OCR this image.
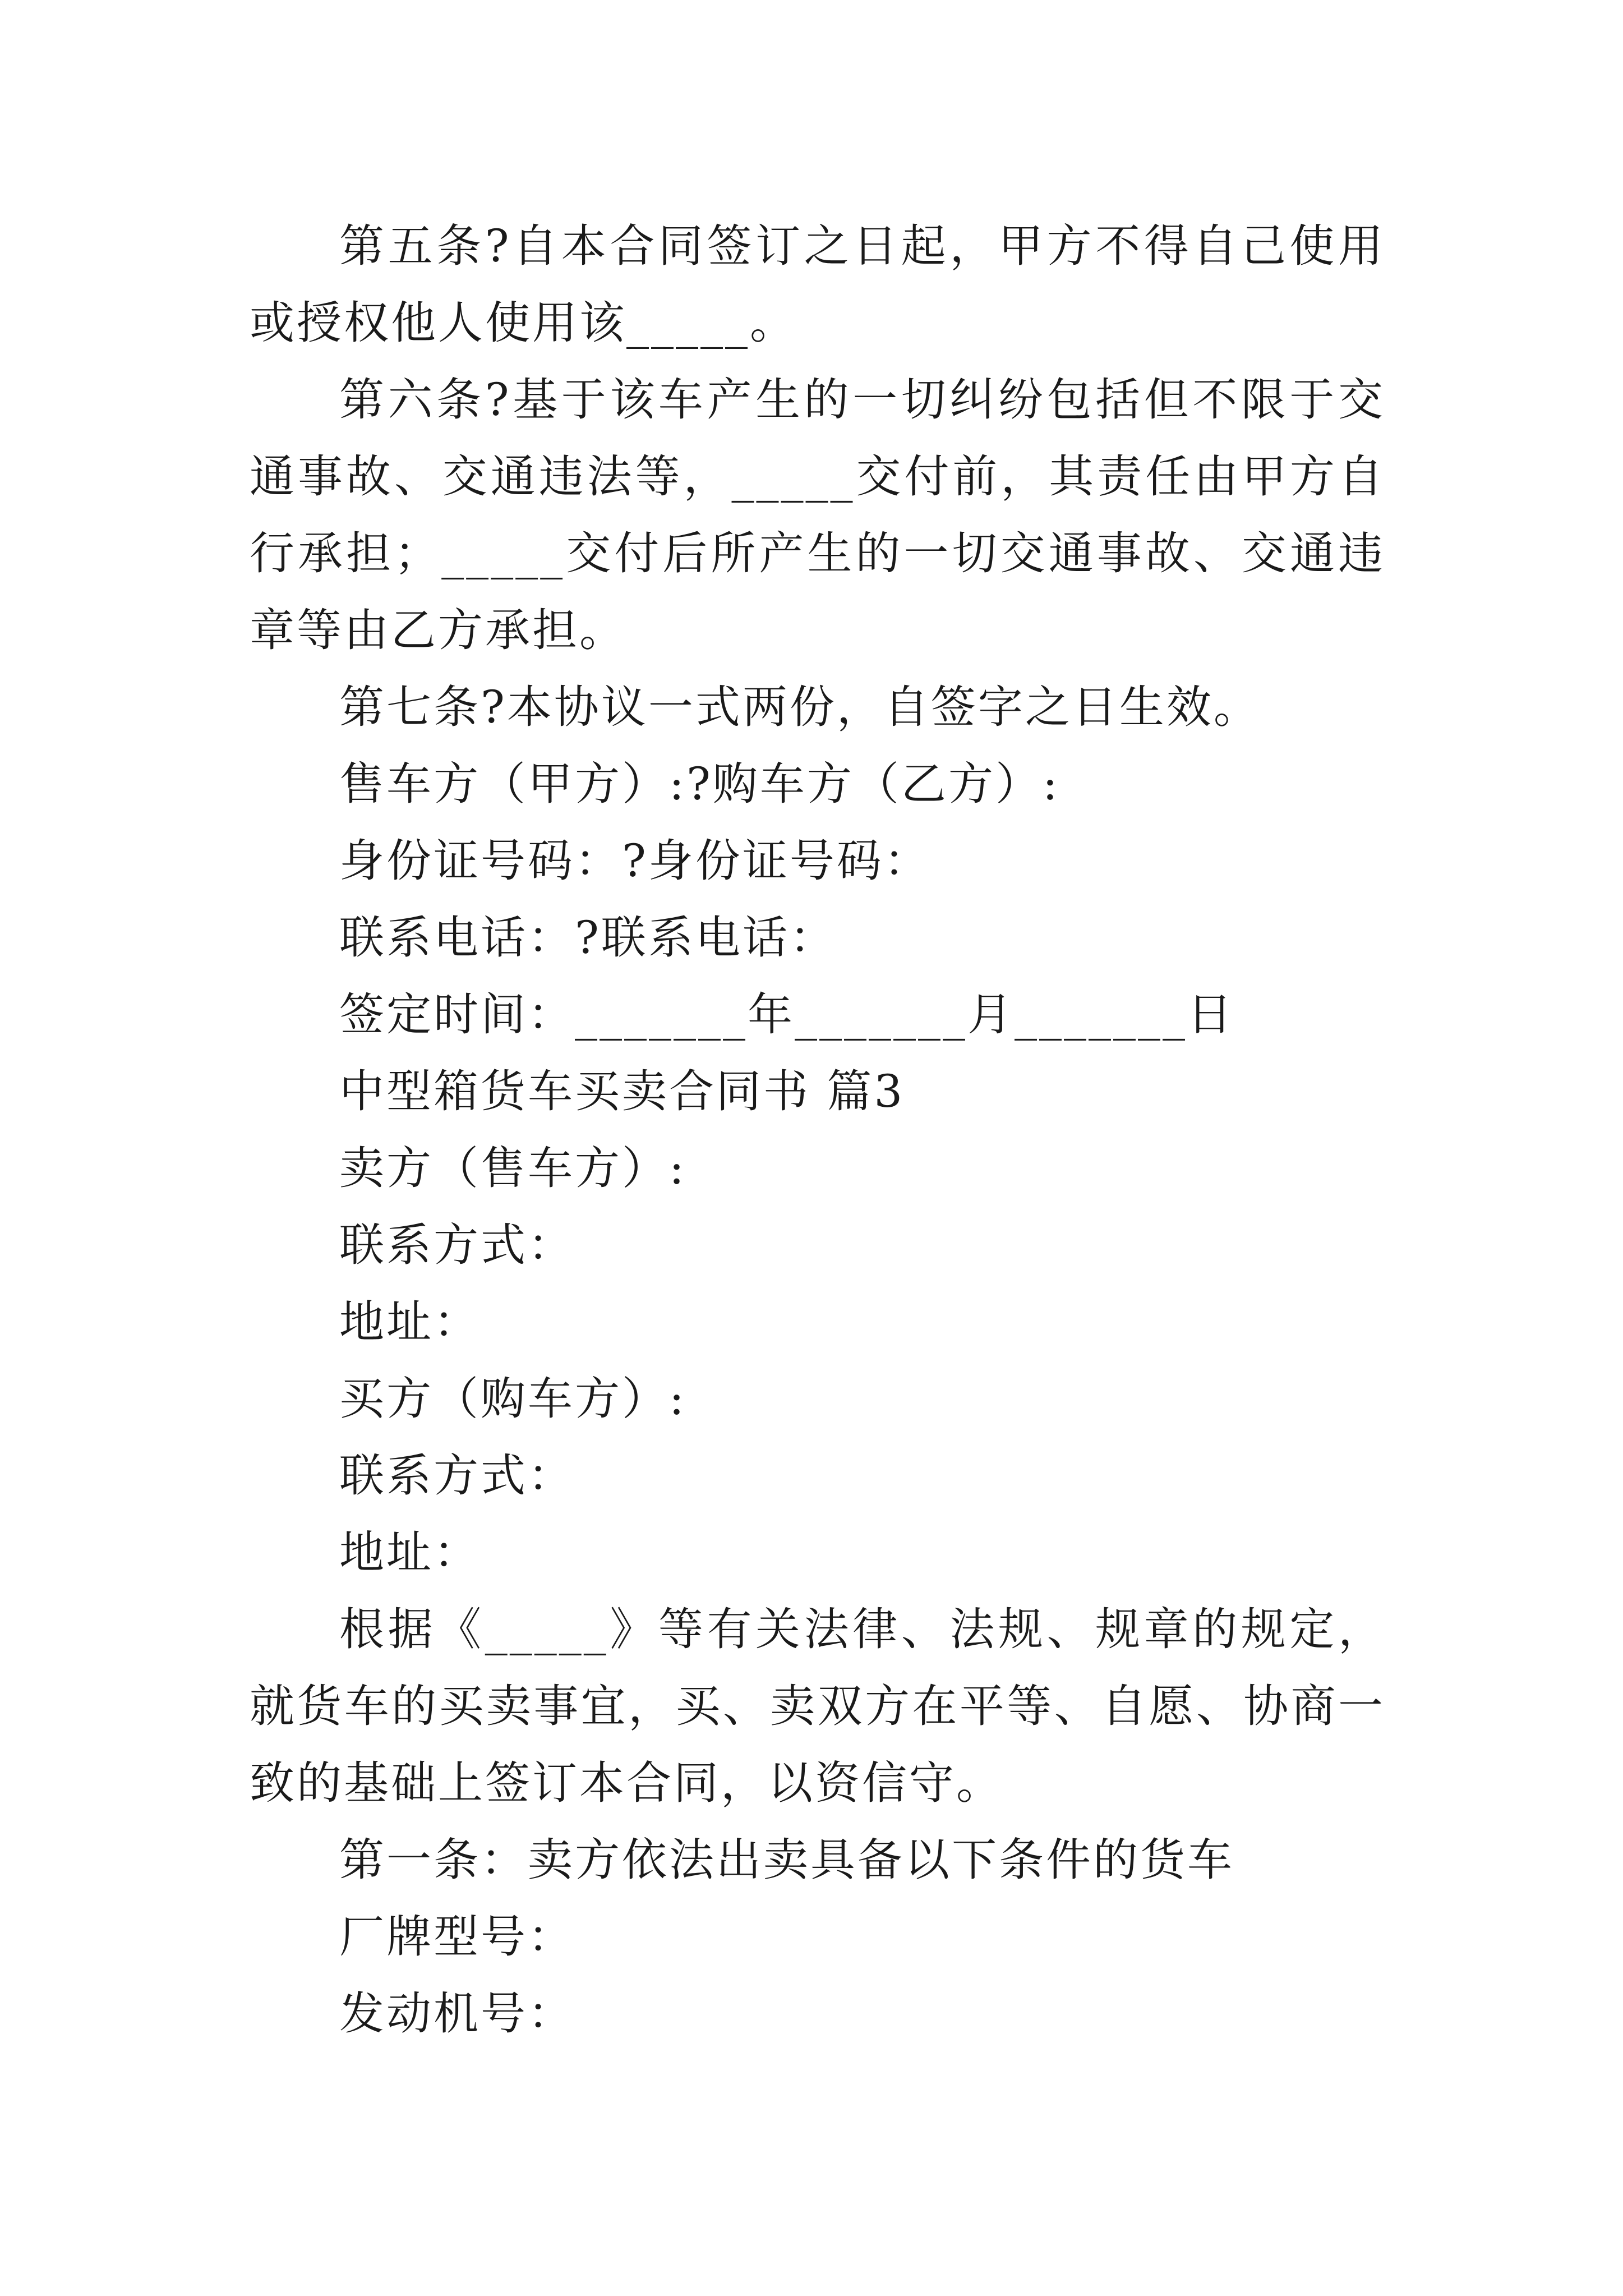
第五条?自本合同签订之日起，甲方不得自己使用或授权他人使用该_____。

第六条?基于该车产生的一切纠纷包括但不限于交通事故、交通违法等，_____交付前，其责任由甲方自行承担；_____交付后所产生的一切交通事故、交通违章等由乙方承担。

第七条?本协议一式两份，自签字之日生效。

售车方（甲方）:?购车方（乙方）:

身份证号码：?身份证号码：

联系电话：?联系电话：

签定时间：_______年_______月_______日

中型箱货车买卖合同书 篇3

卖方（售车方）:

联系方式：

地址：

买方（购车方）:

联系方式：

地址：

根据《_____》等有关法律、法规、规章的规定，就货车的买卖事宜，买、卖双方在平等、自愿、协商一致的基础上签订本合同，以资信守。

第一条：卖方依法出卖具备以下条件的货车

厂牌型号：

发动机号：
